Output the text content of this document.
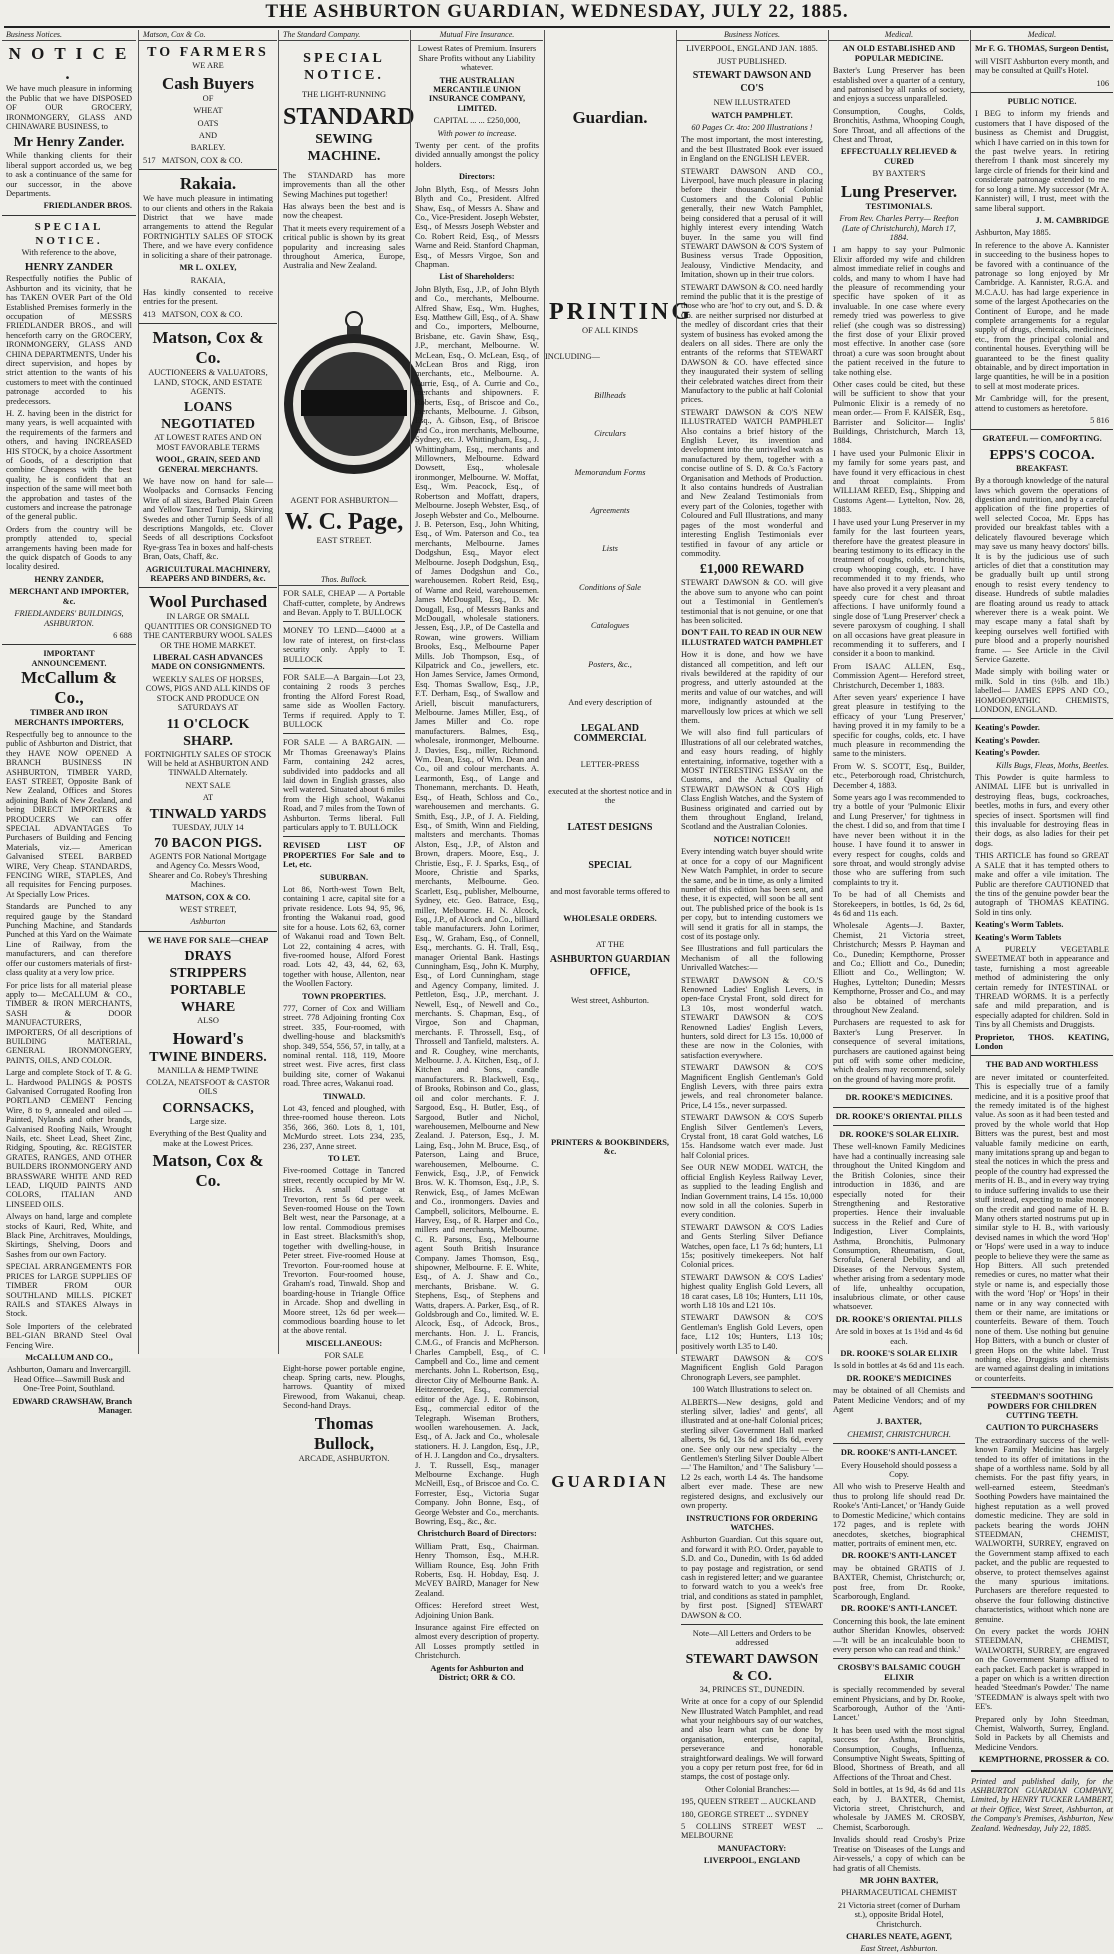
THE ASHBURTON GUARDIAN, WEDNESDAY, JULY 22, 1885.
Business Notices.
N O T I C E .

We have much pleasure in informing the Public that we have DISPOSED OF OUR GROCERY, IRONMONGERY, GLASS AND CHINAWARE BUSINESS, to

Mr Henry Zander.

While thanking clients for their liberal support accorded us, we beg to ask a continuance of the same for our successor, in the above Departments.

FRIEDLANDER BROS.

SPECIAL NOTICE.

With reference to the above,

HENRY ZANDER

Respectfully notifies the Public of Ashburton and its vicinity, that he has TAKEN OVER Part of the Old Established Premises formerly in the occupation of MESSRS FRIEDLANDER BROS., and will henceforth carry on the GROCERY, IRONMONGERY, GLASS AND CHINA DEPARTMENTS, Under his direct supervision, and hopes by strict attention to the wants of his customers to meet with the continued patronage accorded to his predecessors.

H. Z. having been in the district for many years, is well acquainted with the requirements of the farmers and others, and having INCREASED HIS STOCK, by a choice Assortment of Goods, of a description that combine Cheapness with the best quality, he is confident that an inspection of the same will meet both the approbation and tastes of the customers and increase the patronage of the general public.

Orders from the country will be promptly attended to, special arrangements having been made for the quick dispatch of Goods to any locality desired.

HENRY ZANDER,

MERCHANT AND IMPORTER, &c.

FRIEDLANDERS' BUILDINGS, ASHBURTON.

6 688

IMPORTANT ANNOUNCEMENT.
McCallum & Co.,

TIMBER AND IRON MERCHANTS IMPORTERS,

Respectfully beg to announce to the public of Ashburton and District, that they HAVE NOW OPENED A BRANCH BUSINESS IN ASHBURTON, TIMBER YARD, EAST STREET, Opposite Bank of New Zealand, Offices and Stores adjoining Bank of New Zealand, and being DIRECT IMPORTERS & PRODUCERS We can offer SPECIAL ADVANTAGES To Purchasers of Building and Fencing Materials, viz.— American Galvanised STEEL BARBED WIRE, Very Cheap. STANDARDS, FENCING WIRE, STAPLES, And all requisites for Fencing purposes. At Specially Low Prices.

Standards are Punched to any required gauge by the Standard Punching Machine, and Standards Punched at this Yard on the Waimate Line of Railway, from the manufacturers, and can therefore offer our customers materials of first-class quality at a very low price.

For price lists for all material please apply to— McCALLUM & CO., TIMBER & IRON MERCHANTS, SASH & DOOR MANUFACTURERS, IMPORTERS, Of all descriptions of BUILDING MATERIAL, GENERAL IRONMONGERY, PAINTS, OILS, AND COLOR.

Large and complete Stock of T. & G. L. Hardwood PALINGS & POSTS Galvanised Corrugated Roofing Iron PORTLAND CEMENT Fencing Wire, 8 to 9, annealed and oiled — Painted, Nylands and other brands, Galvanised Roofing Nails, Wrought Nails, etc. Sheet Lead, Sheet Zinc, Ridging, Spouting, &c. REGISTER GRATES, RANGES, AND OTHER BUILDERS IRONMONGERY AND BRASSWARE WHITE AND RED LEAD, LIQUID PAINTS AND COLORS, ITALIAN AND LINSEED OILS.

Always on hand, large and complete stocks of Kauri, Red, White, and Black Pine, Architraves, Mouldings, Skirtings, Shelving, Doors and Sashes from our own Factory.

SPECIAL ARRANGEMENTS FOR PRICES for LARGE SUPPLIES OF TIMBER FROM OUR SOUTHLAND MILLS. PICKET RAILS and STAKES Always in Stock.

Sole Importers of the celebrated BEL-GIAN BRAND Steel Oval Fencing Wire.

McCALLUM AND CO.,

Ashburton, Oamaru and Invercargill. Head Office—Sawmill Busk and One-Tree Point, Southland.

EDWARD CRAWSHAW, Branch Manager.

Matson, Cox & Co.
TO FARMERS

WE ARE

Cash Buyers

OF

WHEAT

OATS

AND

BARLEY.

517 MATSON, COX & CO.

Rakaia.

We have much pleasure in intimating to our clients and others in the Rakaia District that we have made arrangements to attend the Regular FORTNIGHTLY SALES OF STOCK There, and we have every confidence in soliciting a share of their patronage.

MR L. OXLEY,

RAKAIA,

Has kindly consented to receive entries for the present.

413 MATSON, COX & CO.

Matson, Cox & Co.

AUCTIONEERS & VALUATORS, LAND, STOCK, AND ESTATE AGENTS.

LOANS NEGOTIATED

AT LOWEST RATES AND ON MOST FAVORABLE TERMS

WOOL, GRAIN, SEED AND GENERAL MERCHANTS.

We have now on hand for sale— Woolpacks and Cornsacks Fencing Wire of all sizes, Barbed Plain Green and Yellow Tancred Turnip, Skirving Swedes and other Turnip Seeds of all descriptions Mangolds, etc. Clover Seeds of all descriptions Cocksfoot Rye-grass Tea in boxes and half-chests Bran, Oats, Chaff, &c.

AGRICULTURAL MACHINERY, REAPERS AND BINDERS, &c.

Wool Purchased

IN LARGE OR SMALL QUANTITIES OR CONSIGNED TO THE CANTERBURY WOOL SALES OR THE HOME MARKET.

LIBERAL CASH ADVANCES MADE ON CONSIGNMENTS.

WEEKLY SALES OF HORSES, COWS, PIGS AND ALL KINDS OF STOCK AND PRODUCE ON SATURDAYS AT

11 O'CLOCK SHARP.

FORTNIGHTLY SALES OF STOCK Will be held at ASHBURTON AND TINWALD Alternately.

NEXT SALE

AT

TINWALD YARDS

TUESDAY, JULY 14

70 BACON PIGS.

AGENTS FOR National Mortgage and Agency Co. Messrs Wood, Shearer and Co. Robey's Threshing Machines.

MATSON, COX & CO.

WEST STREET,

Ashburton

WE HAVE FOR SALE—CHEAP

DRAYS
STRIPPERS
PORTABLE WHARE

ALSO

Howard's
TWINE BINDERS.

MANILLA & HEMP TWINE

COLZA, NEATSFOOT & CASTOR OILS

CORNSACKS,

Large size.

Everything of the Best Quality and make at the Lowest Prices.

Matson, Cox & Co.
The Standard Company.
SPECIAL NOTICE.

THE LIGHT-RUNNING

STANDARD
SEWING MACHINE.

The STANDARD has more improvements than all the other Sewing Machines put together!

Has always been the best and is now the cheapest.

That it meets every requirement of a critical public is shown by its great popularity and increasing sales throughout America, Europe, Australia and New Zealand.

AGENT FOR ASHBURTON—

W. C. Page,

EAST STREET.

Thos. Bullock.

FOR SALE, CHEAP — A Portable Chaff-cutter, complete, by Andrews and Bevan. Apply to T. BULLOCK

MONEY TO LEND—£4000 at a low rate of interest, on first-class security only. Apply to T. BULLOCK

FOR SALE—A Bargain—Lot 23, containing 2 roods 3 perches fronting the Alford Forest Road, same side as Woollen Factory. Terms if required. Apply to T. BULLOCK

FOR SALE — A BARGAIN. — Mr Thomas Greenaway's Plains Farm, containing 242 acres, subdivided into paddocks and all laid down in English grasses, also well watered. Situated about 6 miles from the High school, Wakanui Road, and 7 miles from the Town of Ashburton. Terms liberal. Full particulars apply to T. BULLOCK

REVISED LIST OF PROPERTIES For Sale and to Let, etc.

SUBURBAN.

Lot 86, North-west Town Belt, containing 1 acre, capital site for a private residence. Lots 94, 95, 96, fronting the Wakanui road, good site for a house. Lots 62, 63, corner of Wakanui road and Town Belt. Lot 22, containing 4 acres, with five-roomed house, Alford Forest road. Lots 42, 43, 44, 62, 63, together with house, Allenton, near the Woollen Factory.

TOWN PROPERTIES.

777, Corner of Cox and William street. 778 Adjoining fronting Cox street. 335, Four-roomed, with dwelling-house and blacksmith's shop. 349, 554, 556, 57, in tally, at a nominal rental. 118, 119, Moore street west. Five acres, first class building site, corner of Wakanui road. Three acres, Wakanui road.

TINWALD.

Lot 43, fenced and ploughed, with three-roomed house thereon. Lots 356, 366, 360. Lots 8, 1, 101, McMurdo street. Lots 234, 235, 236, 237, Anne street.

TO LET.

Five-roomed Cottage in Tancred street, recently occupied by Mr W. Hicks. A small Cottage at Trevorton, rent 5s 6d per week. Seven-roomed House on the Town Belt west, near the Parsonage, at a low rental. Commodious premises in East street. Blacksmith's shop, together with dwelling-house, in Peter street. Five-roomed House at Trevorton. Four-roomed house at Trevorton. Four-roomed house, Graham's road, Tinwald. Shop and boarding-house in Triangle Office in Arcade. Shop and dwelling in Moore street, 12s 6d per week—commodious boarding house to let at the above rental.

MISCELLANEOUS:

FOR SALE

Eight-horse power portable engine, cheap. Spring carts, new. Ploughs, harrows. Quantity of mixed Firewood, from Wakanui, cheap. Second-hand Drays.

Thomas Bullock,

ARCADE, ASHBURTON.

Mutual Fire Insurance.

Lowest Rates of Premium. Insurers Share Profits without any Liability whatever.

THE AUSTRALIAN MERCANTILE UNION INSURANCE COMPANY, LIMITED.

CAPITAL ... ... £250,000,

With power to increase.

Twenty per cent. of the profits divided annually amongst the policy holders.

Directors:

John Blyth, Esq., of Messrs John Blyth and Co., President. Alfred Shaw, Esq., of Messrs A. Shaw and Co., Vice-President. Joseph Webster, Esq., of Messrs Joseph Webster and Co. Robert Reid, Esq., of Messrs Warne and Reid. Stanford Chapman, Esq., of Messrs Virgoe, Son and Chapman.

List of Shareholders:

John Blyth, Esq., J.P., of John Blyth and Co., merchants, Melbourne. Alfred Shaw, Esq., Wm. Hughes, Esq. Matthew Gill, Esq., of A. Shaw and Co., importers, Melbourne, Brisbane, etc. Gavin Shaw, Esq., J.P., merchant, Melbourne. W. McLean, Esq., O. McLean, Esq., of McLean Bros and Rigg, iron merchants, etc., Melbourne. A. Currie, Esq., of A. Currie and Co., merchants and shipowners. F. Roberts, Esq., of Briscoe and Co., merchants, Melbourne. J. Gibson, Esq., A. Gibson, Esq., of Briscoe and Co., iron merchants, Melbourne, Sydney, etc. J. Whittingham, Esq., J. Whittingham, Esq., merchants and Millowners, Melbourne. Edward Dowsett, Esq., wholesale ironmonger, Melbourne. W. Moffat, Esq., Wm. Peacock, Esq., of Robertson and Moffatt, drapers, Melbourne. Joseph Webster, Esq., of Joseph Webster and Co., Melbourne. J. B. Peterson, Esq., John Whiting, Esq., of Wm. Paterson and Co., tea merchants, Melbourne. James Dodgshun, Esq., Mayor elect Melbourne. Joseph Dodgshun, Esq., of James Dodgshun and Co., warehousemen. Robert Reid, Esq., of Warne and Reid, warehousemen. James McDougall, Esq., D. Mc Dougall, Esq., of Messrs Banks and McDougall, wholesale stationers. Jessen, Esq., J.P., of De Castella and Rowan, wine growers. William Brooks, Esq., Melbourne Paper Mills. Job Thompson, Esq., of Kilpatrick and Co., jewellers, etc. Hon James Service, James Ormond, Esq. Thomas Swallow, Esq., J.P., F.T. Derham, Esq., of Swallow and Ariell, biscuit manufacturers, Melbourne. James Miller, Esq., of James Miller and Co. rope manufacturers. Balmes, Esq., wholesale, ironmonger, Melbourne. J. Davies, Esq., miller, Richmond. Wm. Dean, Esq., of Wm. Dean and Co., oil and colour merchants. A. Learmonth, Esq., of Lange and Thonemann, merchants. D. Heath, Esq., of Heath, Schloss and Co., warehousemen and merchants. G. Smith, Esq., J.P., of J. A. Fielding, Esq., of Smith, Winn and Fielding, maltsters and merchants. Thomas Alston, Esq., J.P., of Alston and Brown, drapers. Moore, Esq., J. Christie, Esq., F. J. Sparks, Esq., of Moore, Christie and Sparks, merchants, Melbourne. Geo. Scarlett, Esq., publisher, Melbourne, Sydney, etc. Geo. Batrace, Esq., miller, Melbourne. H. N. Alcock, Esq., J.P., of Alcock and Co., billiard table manufacturers. John Lorimer, Esq., W. Graham, Esq., of Connell, Esq., merchants. G. H. Trall, Esq., manager Oriental Bank. Hastings Cunningham, Esq., John K. Murphy, Esq., of Lord Cunningham, stage and Agency Company, limited. J. Pettleton, Esq., J.P., merchant. J. Newell, Esq., of Newell and Co., merchants. S. Chapman, Esq., of Virgoe, Son and Chapman, merchants. F. Throssell, Esq., of Throssell and Tanfield, maltsters. A. and R. Coughey, wine merchants, Melbourne. J. A. Kitchen, Esq., of J. Kitchen and Sons, candle manufacturers. R. Blackwell, Esq., of Brooks, Robinson and Co., glass, oil and color merchants. F. J. Sargood, Esq., H. Butler, Esq., of Sargood, Butler and Nichol, warehousemen, Melbourne and New Zealand. J. Paterson, Esq., J. M. Laing, Esq., John M. Bruce, Esq., of Paterson, Laing and Bruce, warehousemen, Melbourne. C. Fenwick, Esq., J.P., of Fenwick Bros. W. K. Thomson, Esq., J.P., S. Renwick, Esq., of James McEwan and Co., ironmongers. Davies and Campbell, solicitors, Melbourne. E. Harvey, Esq., of R. Harper and Co., millers and merchants, Melbourne. C. R. Parsons, Esq., Melbourne agent South British Insurance Company. James Thomson, Esq., shipowner, Melbourne. F. E. White, Esq., of A. J. Shaw and Co., merchants, Brisbane. W. G. Stephens, Esq., of Stephens and Watts, drapers. A. Parker, Esq., of R. Goldsbrough and Co., limited. W. E. Alcock, Esq., of Adcock, Bros., merchants. Hon. J. L. Francis, C.M.G., of Francis and McPherson. Charles Campbell, Esq., of C. Campbell and Co., lime and cement merchants. John L. Robertson, Esq., director City of Melbourne Bank. A. Heitzenroeder, Esq., commercial editor of the Age. J. E. Robinson, Esq., commercial editor of the Telegraph. Wiseman Brothers, woollen warehousemen. A. Jack, Esq., of A. Jack and Co., wholesale stationers. H. J. Langdon, Esq., J.P., of H. J. Langdon and Co., drysalters. J. T. Russell, Esq., manager Melbourne Exchange. Hugh McNeill, Esq., of Briscoe and Co. C. Forrester, Esq., Victoria Sugar Company. John Bonne, Esq., of George Webster and Co., merchants. Bowring, Esq., &c., &c.

Christchurch Board of Directors:

William Pratt, Esq., Chairman. Henry Thomson, Esq., M.H.R. William Rounce, Esq. John Frith Roberts, Esq. H. Hobday, Esq. J. McVEY BAIRD, Manager for New Zealand.

Offices: Hereford street West, Adjoining Union Bank.

Insurance against Fire effected on almost every description of property. All Losses promptly settled in Christchurch.

Agents for Ashburton and District; ORR & CO.

Guardian.
PRINTING

OF ALL KINDS

INCLUDING—

Billheads

Circulars

Memorandum Forms

Agreements

Lists

Conditions of Sale

Catalogues

Posters, &c.,

And every description of

LEGAL AND COMMERCIAL

LETTER-PRESS

executed at the shortest notice and in the

LATEST DESIGNS

SPECIAL

and most favorable terms offered to

WHOLESALE ORDERS.

AT THE

ASHBURTON GUARDIAN OFFICE,

West street, Ashburton.

PRINTERS & BOOKBINDERS, &c.

GUARDIAN
Business Notices.

LIVERPOOL, ENGLAND JAN. 1885.

JUST PUBLISHED.

STEWART DAWSON AND CO'S

NEW ILLUSTRATED

WATCH PAMPHLET.

60 Pages Cr. 4to: 200 Illustrations !

The most important, the most interesting, and the best Illustrated Book ever issued in England on the ENGLISH LEVER.

STEWART DAWSON AND CO., Liverpool, have much pleasure in placing before their thousands of Colonial Customers and the Colonial Public generally, their new Watch Pamphlet, being considered that a perusal of it will highly interest every intending Watch buyer. In the same you will find STEWART DAWSON & CO'S System of Business versus Trade Opposition, Jealousy, Vindictive Mendacity, and Imitation, shown up in their true colors.

STEWART DAWSON & CO. need hardly remind the public that it is the prestige of those who are 'hot' to cry out, and S. D. & Co. are neither surprised nor disturbed at the medley of discordant cries that their system of business has evoked among the dealers on all sides. There are only the entrants of the reforms that STEWART DAWSON & CO. have effected since they inaugurated their system of selling their celebrated watches direct from their Manufactory to the public at half Colonial prices.

STEWART DAWSON & CO'S NEW ILLUSTRATED WATCH PAMPHLET Also contains a brief history of the English Lever, its invention and development into the unrivalled watch as manufactured by them, together with a concise outline of S. D. & Co.'s Factory Organisation and Methods of Production. It also contains hundreds of Australian and New Zealand Testimonials from every part of the Colonies, together with Coloured and Full Illustrations, and many pages of the most wonderful and interesting English Testimonials ever testified in favour of any article or commodity.

£1,000 REWARD

STEWART DAWSON & CO. will give the above sum to anyone who can point out a Testimonial in Gentlemen's testimonial that is not genuine, or one that has been solicited.

DON'T FAIL TO READ IN OUR NEW ILLUSTRATED WATCH PAMPHLET

How it is done, and how we have distanced all competition, and left our rivals bewildered at the rapidity of our progress, and utterly astounded at the merits and value of our watches, and will more, indignantly astounded at the marvellously low prices at which we sell them.

We will also find full particulars of Illustrations of all our celebrated watches, and easy hours reading, of highly entertaining, informative, together with a MOST INTERESTING ESSAY on the Customs, and the Actual Quality of STEWART DAWSON & CO'S High Class English Watches, and the System of Business originated and carried out by them throughout England, Ireland, Scotland and the Australian Colonies.

NOTICE! NOTICE!!

Every intending watch buyer should write at once for a copy of our Magnificent New Watch Pamphlet, in order to secure the same, and be in time, as only a limited number of this edition has been sent, and these, it is expected, will soon be all sent out. The published price of the book is 1s per copy, but to intending customers we will send it gratis for all in stamps, the cost of its postage only.

See Illustrations and full particulars the Mechanism of all the following Unrivalled Watches:—

STEWART DAWSON & CO.'S Renowned Ladies' English Levers, in open-face Crystal Front, sold direct for L3 10s, most wonderful watch. STEWART DAWSON & CO'S Renowned Ladies' English Levers, hunters, sold direct for L3 15s. 10,000 of these are now in the Colonies, with satisfaction everywhere.

STEWART DAWSON & CO'S Magnificent English Gentleman's Gold English Levers, with three pairs extra jewels, and real chronometer balance. Price, L4 15s., never surpassed.

STEWART DAWSON & CO'S Superb English Silver Gentlemen's Levers, Crystal front, 18 carat Gold watches, L6 15s. Handsome watch ever made. Just half Colonial prices.

See OUR NEW MODEL WATCH, the official English Keyless Railway Lever, as supplied to the leading English and Indian Government trains, L4 15s. 10,000 now sold in all the colonies. Superb in every condition.

STEWART DAWSON & CO'S Ladies and Gents Sterling Silver Defiance Watches, open face, L1 7s 6d; hunters, L1 15s; positively timekeepers. Not half Colonial prices.

STEWART DAWSON & CO'S Ladies' highest quality English Gold Levers, all 18 carat cases, L8 10s; Hunters, L11 10s, worth L18 10s and L21 10s.

STEWART DAWSON & CO'S Gentleman's English Gold Levers, open face, L12 10s; Hunters, L13 10s; positively worth L35 to L40.

STEWART DAWSON & CO'S Magnificent English Gold Paragon Chronograph Levers, see pamphlet.

100 Watch Illustrations to select on.

ALBERTS—New designs, gold and sterling silver, ladies' and gents', all illustrated and at one-half Colonial prices; sterling silver Government Hall marked alberts, 9s 6d, 13s 6d and 18s 6d, every one. See only our new specialty — the Gentlemen's Sterling Silver Double Albert—' The Hamilton,' and ' The Salisbury '—L2 2s each, worth L4 4s. The handsome albert ever made. These are new registered designs, and exclusively our own property.

INSTRUCTIONS FOR ORDERING WATCHES.

Ashburton Guardian. Cut this square out, and forward it with P.O. Order, payable to S.D. and Co., Dunedin, with 1s 6d added to pay postage and registration, or send cash in registered letter; and we guarantee to forward watch to you a week's free trial, and conditions as stated in pamphlet, by first post. [Signed] STEWART DAWSON & CO.

Note—All Letters and Orders to be addressed

STEWART DAWSON & CO.

34, PRINCES ST., DUNEDIN.

Write at once for a copy of our Splendid New Illustrated Watch Pamphlet, and read what your neighbours say of our watches, and also learn what can be done by organisation, enterprise, capital, perseverance and honorable straightforward dealings. We will forward you a copy per return post free, for 6d in stamps, the cost of postage only.

Other Colonial Branches:—

195, QUEEN STREET ... AUCKLAND

180, GEORGE STREET ... SYDNEY

5 COLLINS STREET WEST ... MELBOURNE

MANUFACTORY:

LIVERPOOL, ENGLAND

Medical.

AN OLD ESTABLISHED AND POPULAR MEDICINE.

Baxter's Lung Preserver has been established over a quarter of a century, and patronised by all ranks of society, and enjoys a success unparalleled.

Consumption, Coughs, Colds, Bronchitis, Asthma, Whooping Cough, Sore Throat, and all affections of the Chest and Throat,

EFFECTUALLY RELIEVED & CURED

BY BAXTER'S

Lung Preserver.

TESTIMONIALS.

From Rev. Charles Perry— Reefton (Late of Christchurch), March 17, 1884.

I am happy to say your Pulmonic Elixir afforded my wife and children almost immediate relief in coughs and colds, and many to whom I have had the pleasure of recommending your specific have spoken of it as invaluable. In one case where every remedy tried was powerless to give relief (she cough was so distressing) the first dose of your Elixir proved most effective. In another case (sore throat) a cure was soon brought about the patient received in the future to take nothing else.

Other cases could be cited, but these will be sufficient to show that your Pulmonic Elixir is a remedy of no mean order.— From F. KAISER, Esq., Barrister and Solicitor— Inglis' Buildings, Christchurch, March 13, 1884.

I have used your Pulmonic Elixir in my family for some years past, and have found it very efficacious in chest and throat complaints. From WILLIAM REED, Esq., Shipping and Customs Agent— Lyttelton, Nov. 28, 1883.

I have used your Lung Preserver in my family for the last fourteen years, therefore have the greatest pleasure in bearing testimony to its efficacy in the treatment of coughs, colds, bronchitis, croup whooping cough, etc. I have recommended it to my friends, who have also proved it a very pleasant and speedy cure for chest and throat affections. I have uniformly found a single dose of 'Lung Preserver' check a severe paroxysm of coughing. I shall on all occasions have great pleasure in recommending it to sufferers, and I consider it a boon to mankind.

From ISAAC ALLEN, Esq., Commission Agent— Hereford street, Christchurch, December 1, 1883.

After seven years' experience I have great pleasure in testifying to the efficacy of your 'Lung Preserver,' having proved it in my family to be a specific for coughs, colds, etc. I have much pleasure in recommending the same to the ministers.

From W. S. SCOTT, Esq., Builder, etc., Peterborough road, Christchurch, December 4, 1883.

Some years ago I was recommended to try a bottle of your 'Pulmonic Elixir and Lung Preserver,' for tightness in the chest. I did so, and from that time I have never been without it in the house. I have found it to answer in every respect for coughs, colds and sore throat, and would strongly advise those who are suffering from such complaints to try it.

To be had of all Chemists and Storekeepers, in bottles, 1s 6d, 2s 6d, 4s 6d and 11s each.

Wholesale Agents—J. Baxter, Chemist, 21 Victoria street, Christchurch; Messrs P. Hayman and Co., Dunedin; Kempthorne, Prosser and Co.; Elliott and Co., Dunedin; Elliott and Co., Wellington; W. Hughes, Lyttelton; Dunedin; Messrs Kempthorne, Prosser and Co., and may also be obtained of merchants throughout New Zealand.

Purchasers are requested to ask for Baxter's Lung Preserver. In consequence of several imitations, purchasers are cautioned against being put off with some other medicine, which dealers may recommend, solely on the ground of having more profit.

DR. ROOKE'S MEDICINES.

DR. ROOKE'S ORIENTAL PILLS

DR. ROOKE'S SOLAR ELIXIR.

These well-known Family Medicines have had a continually increasing sale throughout the United Kingdom and the British Colonies, since their introduction in 1836, and are especially noted for their Strengthening and Restorative properties. Hence their invaluable success in the Relief and Cure of Indigestion, Liver Complaints, Asthma, Bronchitis, Pulmonary Consumption, Rheumatism, Gout, Scrofula, General Debility, and all Diseases of the Nervous System, whether arising from a sedentary mode of life, unhealthy occupation, insalubrious climate, or other cause whatsoever.

DR. ROOKE'S ORIENTAL PILLS

Are sold in boxes at 1s 1½d and 4s 6d each.

DR. ROOKE'S SOLAR ELIXIR

Is sold in bottles at 4s 6d and 11s each.

DR. ROOKE'S MEDICINES

may be obtained of all Chemists and Patent Medicine Vendors; and of my Agent

J. BAXTER,

CHEMIST, CHRISTCHURCH.

DR. ROOKE'S ANTI-LANCET.

Every Household should possess a Copy.

All who wish to Preserve Health and thus to prolong life should read Dr. Rooke's 'Anti-Lancet,' or 'Handy Guide to Domestic Medicine,' which contains 172 pages, and is replete with anecdotes, sketches, biographical matter, portraits of eminent men, etc.

DR. ROOKE'S ANTI-LANCET

may be obtained GRATIS of J. BAXTER, Chemist, Christchurch; or, post free, from Dr. Rooke, Scarborough, England.

DR. ROOKE'S ANTI-LANCET.

Concerning this book, the late eminent author Sheridan Knowles, observed:—'It will be an incalculable boon to every person who can read and think.'

CROSBY'S BALSAMIC COUGH ELIXIR

is specially recommended by several eminent Physicians, and by Dr. Rooke, Scarborough, Author of the 'Anti-Lancet.'

It has been used with the most signal success for Asthma, Bronchitis, Consumption, Coughs, Influenza, Consumptive Night Sweats, Spitting of Blood, Shortness of Breath, and all Affections of the Throat and Chest.

Sold in bottles, at 1s 9d, 4s 6d and 11s each, by J. BAXTER, Chemist, Victoria street, Christchurch, and wholesale by JAMES M. CROSBY, Chemist, Scarborough.

Invalids should read Crosby's Prize Treatise on 'Diseases of the Lungs and Air-vessels,' a copy of which can be had gratis of all Chemists.

MR JOHN BAXTER,

PHARMACEUTICAL CHEMIST

21 Victoria street (corner of Durham st.), opposite Bridal Hotel, Christchurch.

CHARLES NEATE, AGENT,

East Street, Ashburton.

Medical.

Mr F. G. THOMAS, Surgeon Dentist,

will VISIT Ashburton every month, and may be consulted at Quill's Hotel.

106

PUBLIC NOTICE.

I BEG to inform my friends and customers that I have disposed of the business as Chemist and Druggist, which I have carried on in this town for the past twelve years. In retiring therefrom I thank most sincerely my large circle of friends for their kind and considerate patronage extended to me for so long a time. My successor (Mr A. Kannister) will, I trust, meet with the same liberal support.

J. M. CAMBRIDGE

Ashburton, May 1885.

In reference to the above A. Kannister in succeeding to the business hopes to be favored with a continuance of the patronage so long enjoyed by Mr Cambridge. A. Kannister, R.G.A. and M.C.A.U. has had large experience in some of the largest Apothecaries on the Continent of Europe, and he made complete arrangements for a regular supply of drugs, chemicals, medicines, etc., from the principal colonial and continental houses. Everything will be guaranteed to be the finest quality obtainable, and by direct importation in large quantities, he will be in a position to sell at most moderate prices.

Mr Cambridge will, for the present, attend to customers as heretofore.

5 816

GRATEFUL — COMFORTING.

EPPS'S COCOA.

BREAKFAST.

By a thorough knowledge of the natural laws which govern the operations of digestion and nutrition, and by a careful application of the fine properties of well selected Cocoa, Mr. Epps has provided our breakfast tables with a delicately flavoured beverage which may save us many heavy doctors' bills. It is by the judicious use of such articles of diet that a constitution may be gradually built up until strong enough to resist every tendency to disease. Hundreds of subtle maladies are floating around us ready to attack wherever there is a weak point. We may escape many a fatal shaft by keeping ourselves well fortified with pure blood and a properly nourished frame. — See Article in the Civil Service Gazette.

Made simply with boiling water or milk. Sold in tins (½lb. and 1lb.) labelled— JAMES EPPS AND CO., HOMOEOPATHIC CHEMISTS, LONDON, ENGLAND.

Keating's Powder.

Keating's Powder.

Keating's Powder.

Kills Bugs, Fleas, Moths, Beetles.

This Powder is quite harmless to ANIMAL LIFE but is unrivalled in destroying fleas, bugs, cockroaches, beetles, moths in furs, and every other species of insect. Sportsmen will find this invaluable for destroying fleas in their dogs, as also ladies for their pet dogs.

THIS ARTICLE has found so GREAT A SALE that it has tempted others to make and offer a vile imitation. The Public are therefore CAUTIONED that the tins of the genuine powder bear the autograph of THOMAS KEATING. Sold in tins only.

Keating's Worm Tablets.

Keating's Worm Tablets

A PURELY VEGETABLE SWEETMEAT both in appearance and taste, furnishing a most agreeable method of administering the only certain remedy for INTESTINAL or THREAD WORMS. It is a perfectly safe and mild preparation, and is especially adapted for children. Sold in Tins by all Chemists and Druggists.

Proprietor, THOS. KEATING, London

THE BAD AND WORTHLESS

are never imitated or counterfeited. This is especially true of a family medicine, and it is a positive proof that the remedy imitated is of the highest value. As soon as it had been tested and proved by the whole world that Hop Bitters was the purest, best and most valuable family medicine on earth, many imitations sprang up and began to steal the notices in which the press and people of the country had expressed the merits of H. B., and in every way trying to induce suffering invalids to use their stuff instead, expecting to make money on the credit and good name of H. B. Many others started nostrums put up in similar style to H. B., with variously devised names in which the word 'Hop' or 'Hops' were used in a way to induce people to believe they were the same as Hop Bitters. All such pretended remedies or cures, no matter what their style or name is, and especially those with the word 'Hop' or 'Hops' in their name or in any way connected with them or their name, are imitations or counterfeits. Beware of them. Touch none of them. Use nothing but genuine Hop Bitters, with a bunch or cluster of green Hops on the white label. Trust nothing else. Druggists and chemists are warned against dealing in imitations or counterfeits.

STEEDMAN'S SOOTHING POWDERS FOR CHILDREN CUTTING TEETH.

CAUTION TO PURCHASERS

The extraordinary success of the well-known Family Medicine has largely tended to its offer of imitations in the shape of a worthless name. Sold by all chemists. For the past fifty years, in well-earned esteem, Steedman's Soothing Powders have maintained the highest reputation as a well proved domestic medicine. They are sold in packets bearing the words JOHN STEEDMAN, CHEMIST, WALWORTH, SURREY, engraved on the Government stamp affixed to each packet, and the public are requested to observe, to protect themselves against the many spurious imitations. Purchasers are therefore requested to observe the four following distinctive characteristics, without which none are genuine.

On every packet the words JOHN STEEDMAN, CHEMIST, WALWORTH, SURREY, are engraved on the Government Stamp affixed to each packet. Each packet is wrapped in a paper on which is a written direction headed 'Steedman's Powder.' The name 'STEEDMAN' is always spelt with two EE's.

Prepared only by John Steedman, Chemist, Walworth, Surrey, England. Sold in Packets by all Chemists and Medicine Vendors.

KEMPTHORNE, PROSSER & CO.

Printed and published daily, for the ASHBURTON GUARDIAN COMPANY, Limited, by HENRY TUCKER LAMBERT, at their Office, West Street, Ashburton, at the Company's Premises, Ashburton, New Zealand. Wednesday, July 22, 1885.
